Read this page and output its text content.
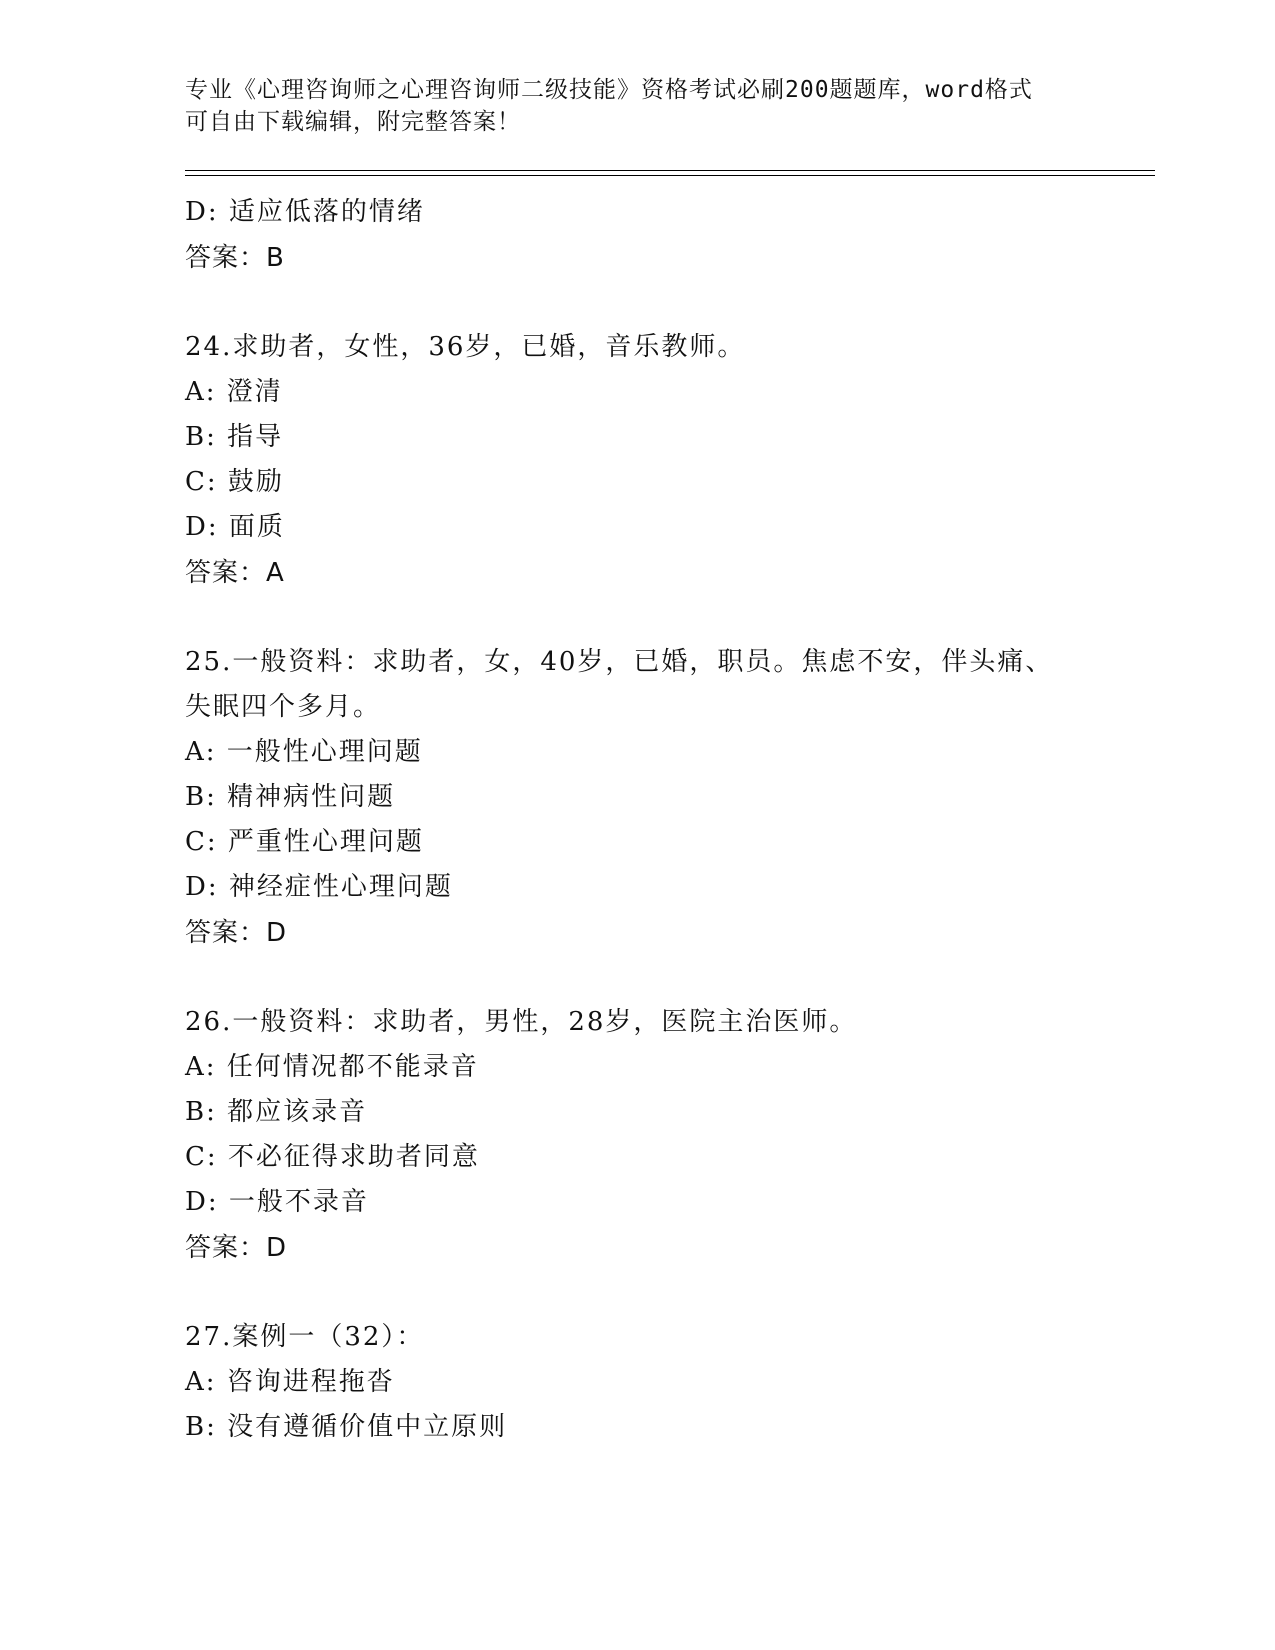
专业《心理咨询师之心理咨询师二级技能》资格考试必刷200题题库，word格式
可自由下载编辑，附完整答案！
D: 适应低落的情绪
答案：B
24.求助者，女性，36岁，已婚，音乐教师。
A: 澄清
B: 指导
C: 鼓励
D: 面质
答案：A
25.一般资料：求助者，女，40岁，已婚，职员。焦虑不安，伴头痛、失眠四个多月。
A: 一般性心理问题
B: 精神病性问题
C: 严重性心理问题
D: 神经症性心理问题
答案：D
26.一般资料：求助者，男性，28岁，医院主治医师。
A: 任何情况都不能录音
B: 都应该录音
C: 不必征得求助者同意
D: 一般不录音
答案：D
27.案例一（32）：
A: 咨询进程拖沓
B: 没有遵循价值中立原则
